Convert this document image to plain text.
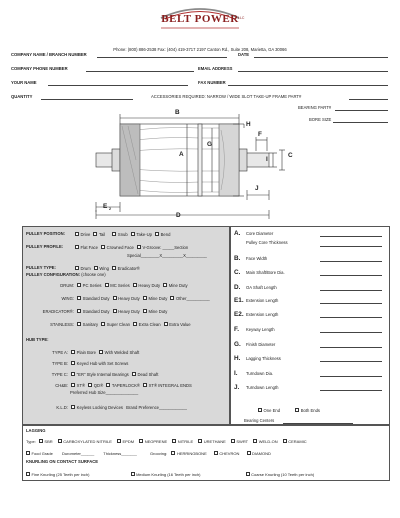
BELT POWER LLC
Phone: (800) 886-2538 Fax: (404) 419-3717 2197 Canton Rd., Suite 208, Marietta, GA 30066
COMPANY NAME / BRANCH NUMBER	DATE
COMPANY PHONE NUMBER	EMAIL ADDRESS
YOUR NAME	FAX NUMBER
QUANTITY	ACCESSORIES REQUIRED: NARROW / WIDE SLOT TAKE-UP FRAME PART#
BEARING PART#
BORE SIZE
B
H
F
A
G
I
C
J
E 2
D
PULLEY POSITION:	Drive Tail	Snub Take-Up Bend
PULLEY PROFILE:	Flat Face Crowned Face V-Groove: _____Section
Special________X_________X_________
PULLEY TYPE:	Drum Wing Eradicator®
PULLEY CONFIGURATION: (choose one)
DRUM: PC Series MC Series Heavy Duty Mine Duty
WING: Standard Duty Heavy Duty Mine Duty Other__________
ERADICATOR®: Standard Duty Heavy Duty Mine Duty
STAINLESS: Sanitary Super Clean Extra Clean Extra Value
HUB TYPE:
TYPE A: Plain Bore With Welded Shaft
TYPE B: Keyed Hub with Set Screws
TYPE C: "ER" Style Internal Bearings Dead Shaft
CH&B: XT® QD® TAPERLOCK® XT® INTEGRAL ENDS
Preferred Hub Size______________
K.L.D: Keyless Locking Devices Brand Preference____________
A. Core Diameter
Pulley Core Thickness
B. Face Width
C. Main Shaft/Bore Dia.
D. OA Shaft Length
E1. Extension Length
E2. Extension Length
F. Keyway Length
G. Finish Diameter
H. Lagging Thickness
I. Turndown Dia.
J. Turndown Length
One End	Both Ends
Bearing Centers
LAGGING
Type: SBR	CARBOXYLATED NITRILE	EPDM	NEOPRENE	NITRILE	URETHANE	SWRT	WELD-ON	CERAMIC
Food Grade Durometer______ Thickness_______	Grooving: HERRINGBONE	CHEVRON	DIAMOND
KNURLING ON CONTACT SURFACE
Fine Knurling (25 Teeth per inch)	Medium Knurling (16 Teeth per inch)	Coarse Knurling (10 Teeth per inch)
